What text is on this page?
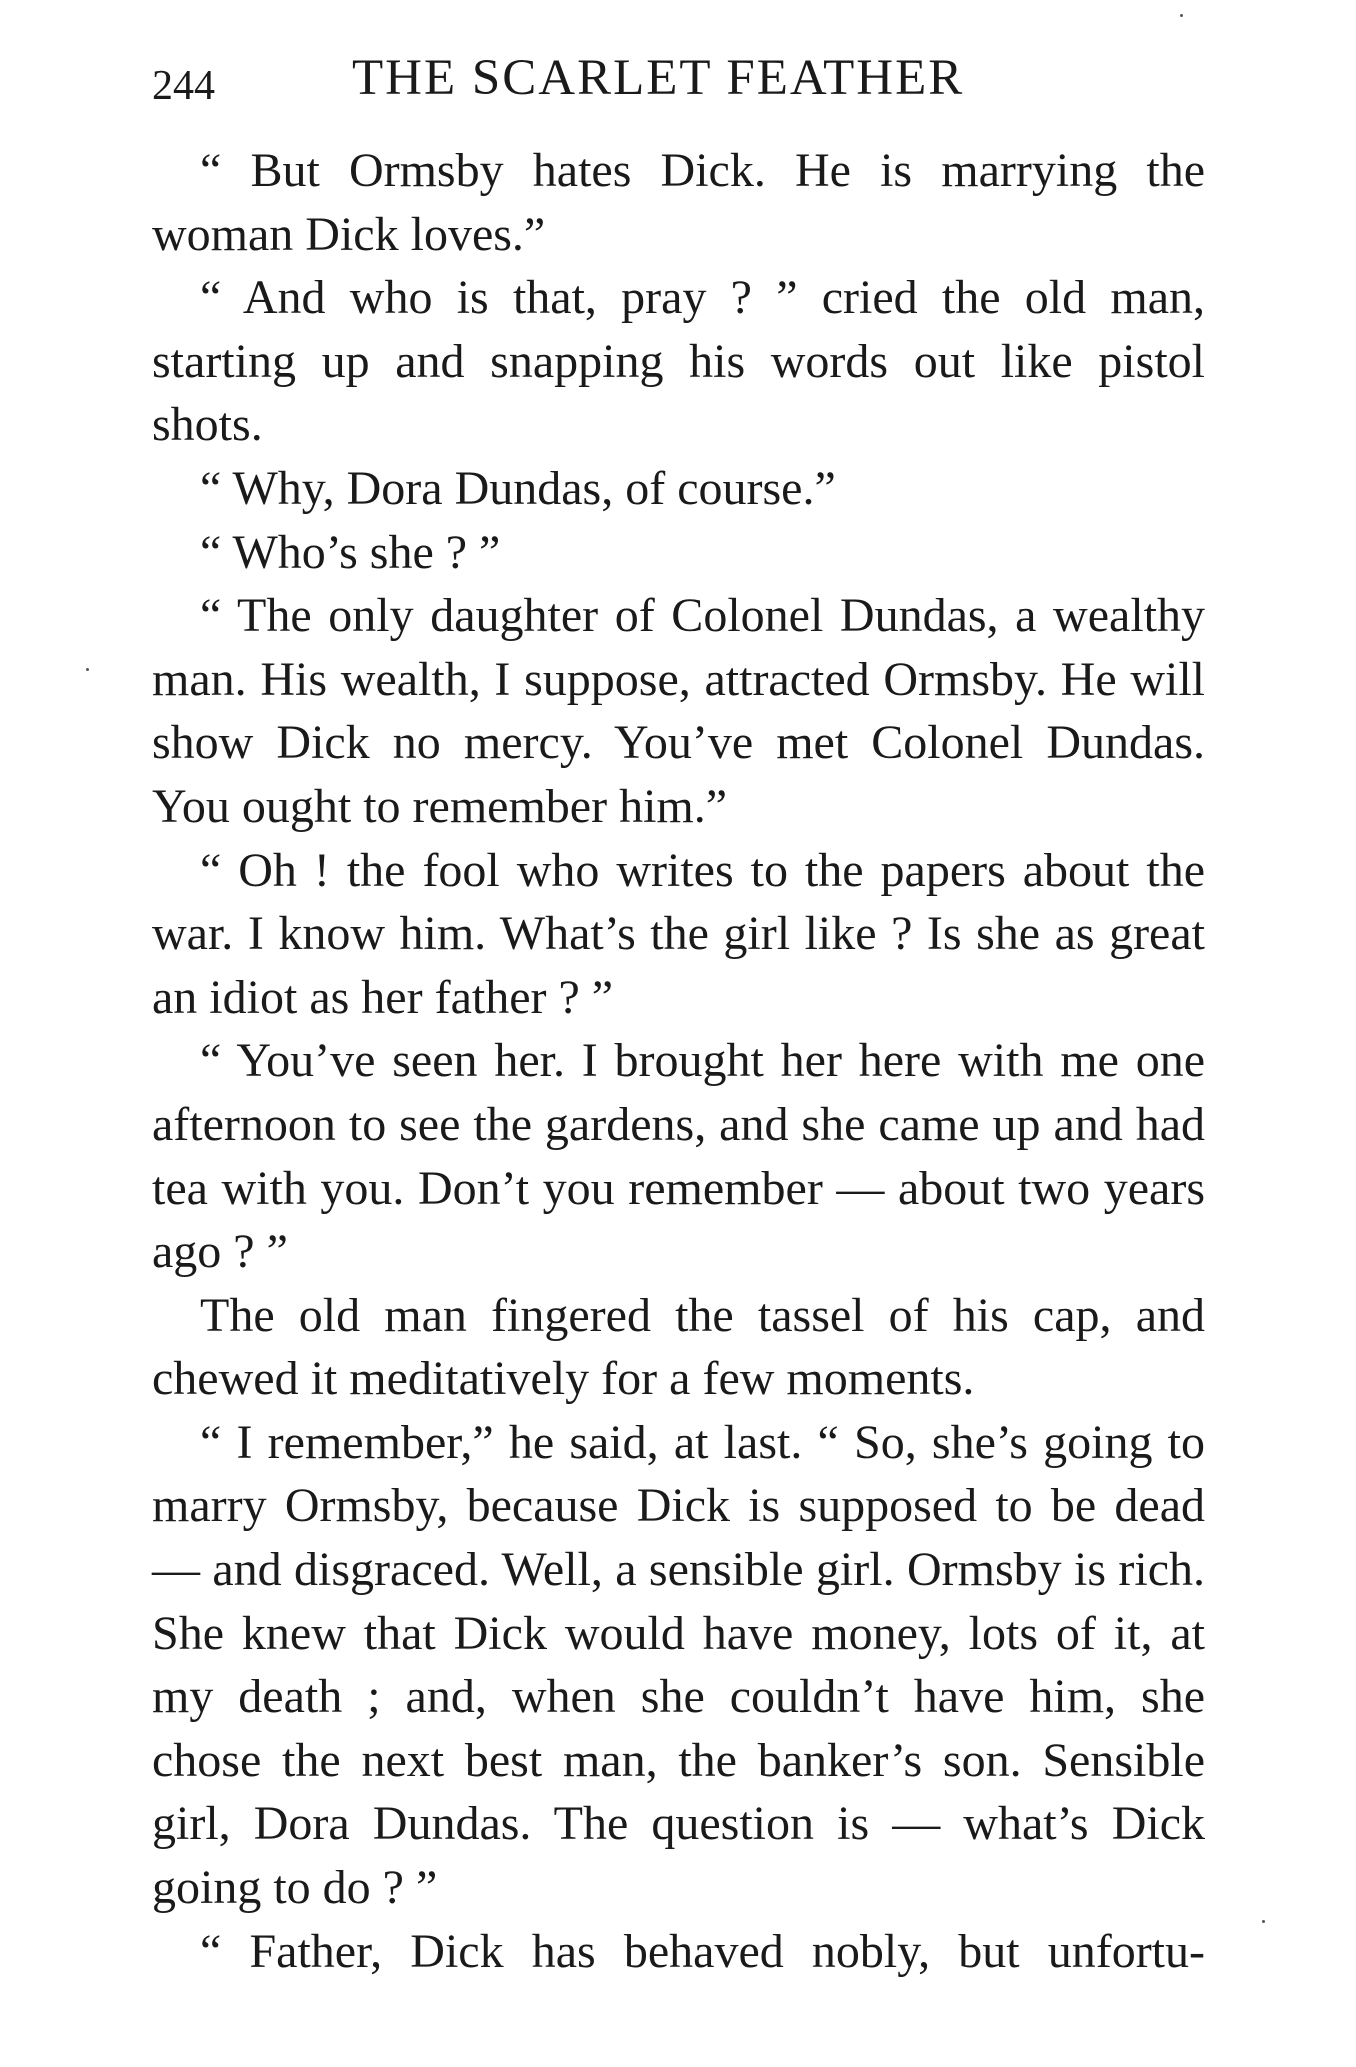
244	THE SCARLET FEATHER

“ But Ormsby hates Dick. He is marrying the woman Dick loves.”

“ And who is that, pray ? ” cried the old man, starting up and snapping his words out like pistol shots.

“ Why, Dora Dundas, of course.”

“ Who’s she ? ”

“ The only daughter of Colonel Dundas, a wealthy man. His wealth, I suppose, attracted Ormsby. He will show Dick no mercy. You’ve met Colonel Dundas. You ought to remember him.”

“ Oh ! the fool who writes to the papers about the war. I know him. What’s the girl like ? Is she as great an idiot as her father ? ”

“ You’ve seen her. I brought her here with me one afternoon to see the gardens, and she came up and had tea with you. Don’t you remember — about two years ago ? ”

The old man fingered the tassel of his cap, and chewed it meditatively for a few moments.

“ I remember,” he said, at last. “ So, she’s going to marry Ormsby, because Dick is supposed to be dead — and disgraced. Well, a sensible girl. Ormsby is rich. She knew that Dick would have money, lots of it, at my death ; and, when she couldn’t have him, she chose the next best man, the banker’s son. Sensible girl, Dora Dundas. The question is — what’s Dick going to do ? ”

“ Father, Dick has behaved nobly, but unfortu-
